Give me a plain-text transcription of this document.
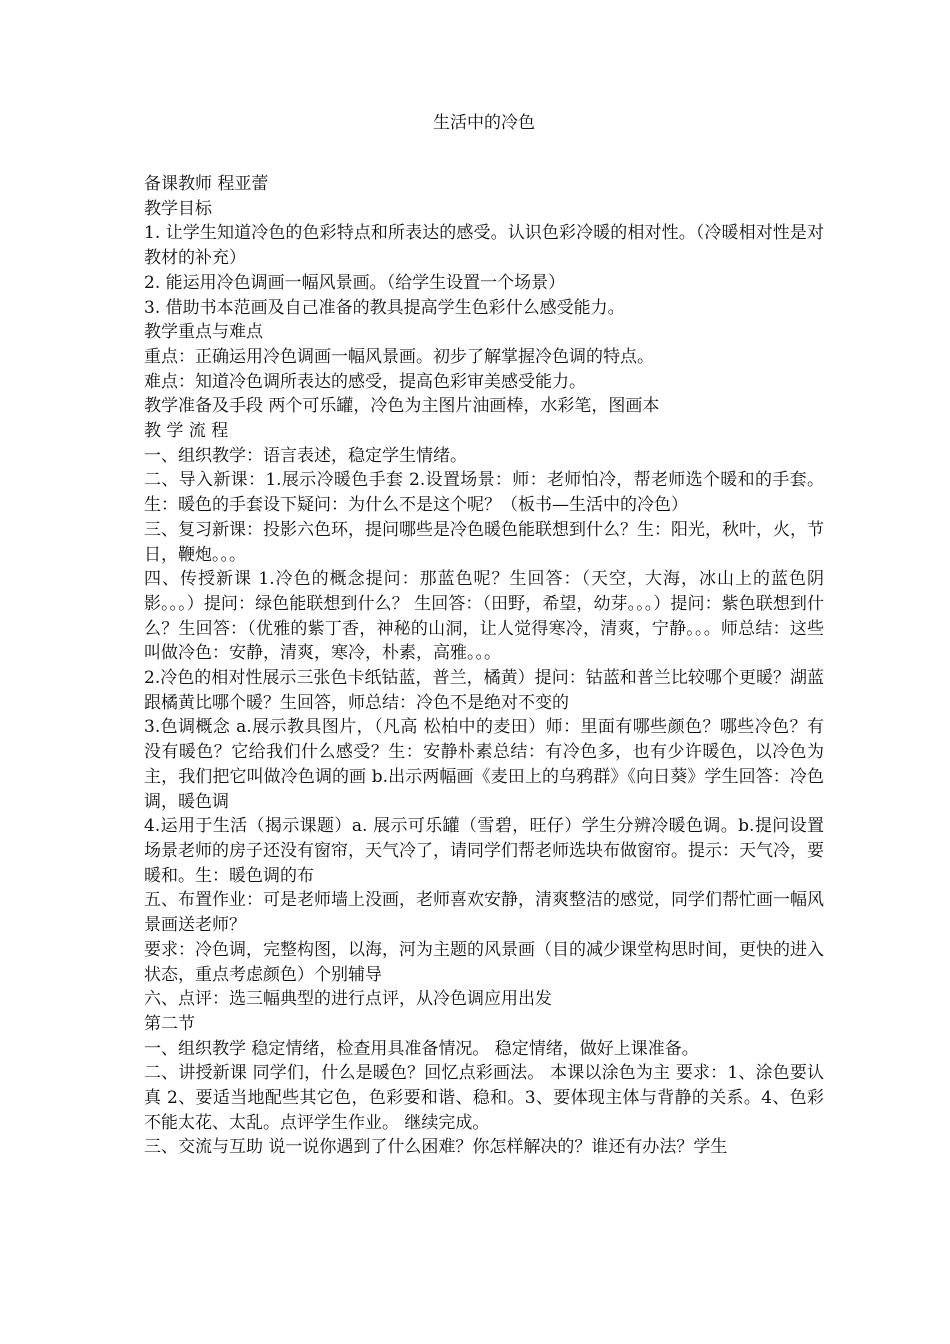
生活中的冷色
备课教师 程亚蕾
教学目标
1. 让学生知道冷色的色彩特点和所表达的感受。认识色彩冷暖的相对性。（冷暖相对性是对教材的补充）
2. 能运用冷色调画一幅风景画。（给学生设置一个场景）
3. 借助书本范画及自己准备的教具提高学生色彩什么感受能力。
教学重点与难点
重点：正确运用冷色调画一幅风景画。初步了解掌握冷色调的特点。
难点：知道冷色调所表达的感受，提高色彩审美感受能力。
教学准备及手段 两个可乐罐，冷色为主图片油画棒，水彩笔，图画本
教 学 流 程
一、组织教学：语言表述，稳定学生情绪。
二、导入新课：1.展示冷暖色手套 2.设置场景：师：老师怕冷，帮老师选个暖和的手套。生：暖色的手套设下疑问：为什么不是这个呢？（板书—生活中的冷色）
三、复习新课：投影六色环，提问哪些是冷色暖色能联想到什么？生：阳光，秋叶，火，节日，鞭炮。。。
四、传授新课 1.冷色的概念提问：那蓝色呢？生回答：（天空，大海，冰山上的蓝色阴影。。。）提问：绿色能联想到什么？ 生回答：（田野，希望，幼芽。。。）提问：紫色联想到什么？生回答：（优雅的紫丁香，神秘的山洞，让人觉得寒冷，清爽，宁静。。。师总结：这些叫做冷色：安静，清爽，寒冷，朴素，高雅。。。
2.冷色的相对性展示三张色卡纸钴蓝，普兰，橘黄）提问：钴蓝和普兰比较哪个更暖？湖蓝跟橘黄比哪个暖？生回答，师总结：冷色不是绝对不变的
3.色调概念 a.展示教具图片，（凡高 松柏中的麦田）师：里面有哪些颜色？哪些冷色？有没有暖色？它给我们什么感受？生：安静朴素总结：有冷色多，也有少许暖色，以冷色为主，我们把它叫做冷色调的画 b.出示两幅画《麦田上的乌鸦群》《向日葵》学生回答：冷色调，暖色调
4.运用于生活（揭示课题）a. 展示可乐罐（雪碧，旺仔）学生分辨冷暖色调。b.提问设置场景老师的房子还没有窗帘，天气冷了，请同学们帮老师选块布做窗帘。提示：天气冷，要暖和。生：暖色调的布
五、布置作业：可是老师墙上没画，老师喜欢安静，清爽整洁的感觉，同学们帮忙画一幅风景画送老师？
要求：冷色调，完整构图，以海，河为主题的风景画（目的减少课堂构思时间，更快的进入状态，重点考虑颜色）个别辅导
六、点评：选三幅典型的进行点评，从冷色调应用出发
第二节
一、组织教学 稳定情绪，检查用具准备情况。 稳定情绪，做好上课准备。
二、讲授新课 同学们，什么是暖色？回忆点彩画法。 本课以涂色为主 要求：1、涂色要认真 2、要适当地配些其它色，色彩要和谐、稳和。3、要体现主体与背静的关系。4、色彩不能太花、太乱。点评学生作业。 继续完成。
三、交流与互助 说一说你遇到了什么困难？你怎样解决的？谁还有办法？学生
